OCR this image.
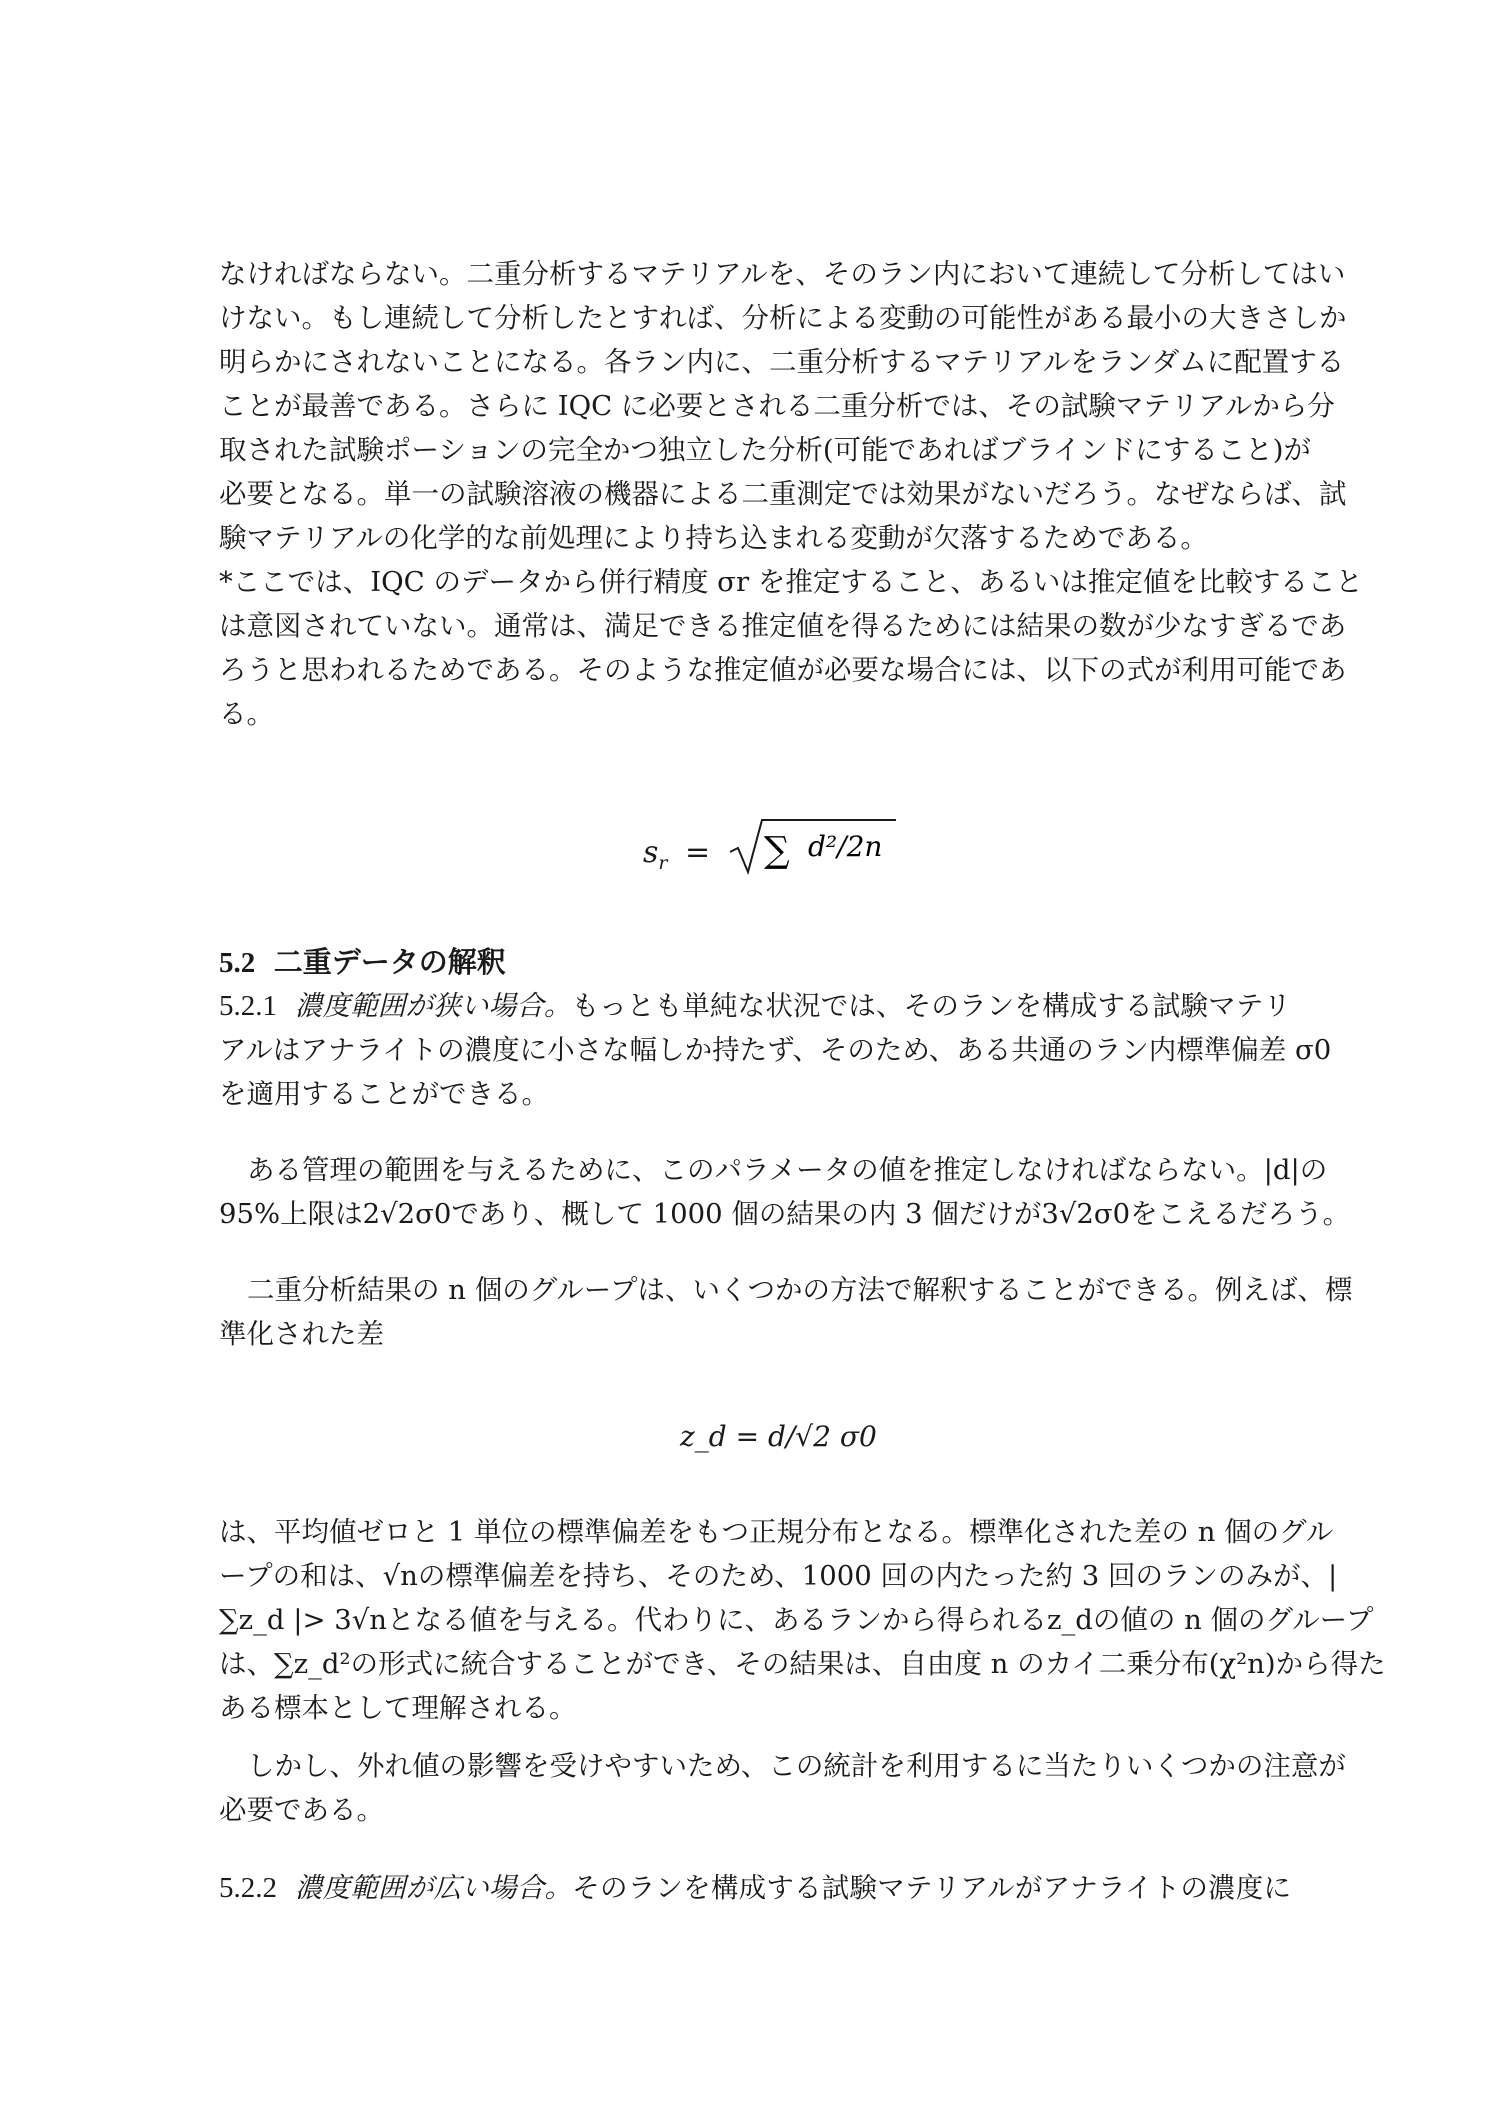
なければならない。二重分析するマテリアルを、そのラン内において連続して分析してはい
けない。もし連続して分析したとすれば、分析による変動の可能性がある最小の大きさしか
明らかにされないことになる。各ラン内に、二重分析するマテリアルをランダムに配置する
ことが最善である。さらに IQC に必要とされる二重分析では、その試験マテリアルから分
取された試験ポーションの完全かつ独立した分析(可能であればブラインドにすること)が
必要となる。単一の試験溶液の機器による二重測定では効果がないだろう。なぜならば、試
験マテリアルの化学的な前処理により持ち込まれる変動が欠落するためである。
*ここでは、IQC のデータから併行精度 σr を推定すること、あるいは推定値を比較すること
は意図されていない。通常は、満足できる推定値を得るためには結果の数が少なすぎるであ
ろうと思われるためである。そのような推定値が必要な場合には、以下の式が利用可能であ
る。
$s_r$ = ∑ d²/2n
5.2 二重データの解釈
5.2.1 濃度範囲が狭い場合。もっとも単純な状況では、そのランを構成する試験マテリ
アルはアナライトの濃度に小さな幅しか持たず、そのため、ある共通のラン内標準偏差 σ0
を適用することができる。
ある管理の範囲を与えるために、このパラメータの値を推定しなければならない。|d|の
95%上限は2√2σ0であり、概して 1000 個の結果の内 3 個だけが3√2σ0をこえるだろう。
二重分析結果の n 個のグループは、いくつかの方法で解釈することができる。例えば、標
準化された差
z_d = d/√2 σ0
は、平均値ゼロと 1 単位の標準偏差をもつ正規分布となる。標準化された差の n 個のグル
ープの和は、√nの標準偏差を持ち、そのため、1000 回の内たった約 3 回のランのみが、|
∑z_d |> 3√nとなる値を与える。代わりに、あるランから得られるz_dの値の n 個のグループ
は、∑z_d²の形式に統合することができ、その結果は、自由度 n のカイ二乗分布(χ²n)から得た
ある標本として理解される。
しかし、外れ値の影響を受けやすいため、この統計を利用するに当たりいくつかの注意が
必要である。
5.2.2 濃度範囲が広い場合。そのランを構成する試験マテリアルがアナライトの濃度に
